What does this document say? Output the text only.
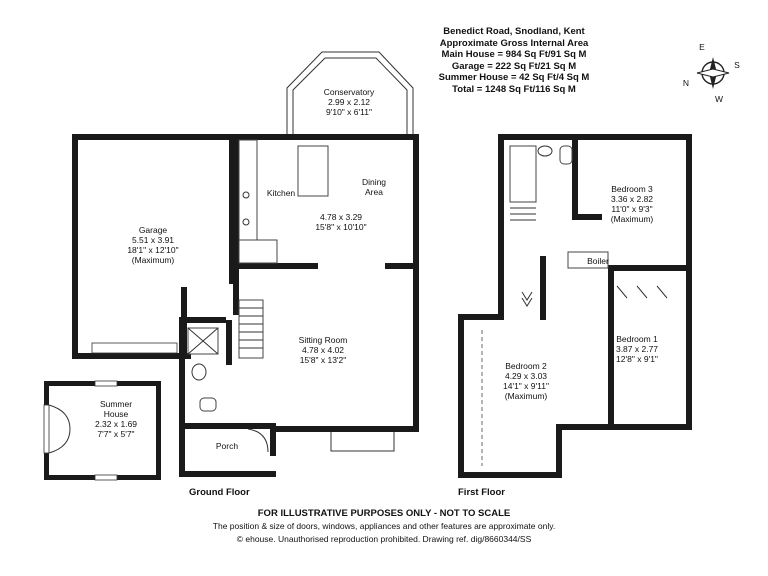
Benedict Road, Snodland, Kent
Approximate Gross Internal Area
Main House = 984 Sq Ft/91 Sq M
Garage = 222 Sq Ft/21 Sq M
Summer House = 42 Sq Ft/4 Sq M
Total = 1248 Sq Ft/116 Sq M
E
S
N
W
Conservatory
2.99 x 2.12
9'10" x 6'11"
Kitchen
Dining
Area
4.78 x 3.29
15'8" x 10'10"
Garage
5.51 x 3.91
18'1" x 12'10"
(Maximum)
Sitting Room
4.78 x 4.02
15'8" x 13'2"
Summer
House
2.32 x 1.69
7'7" x 5'7"
Porch
Bedroom 3
3.36 x 2.82
11'0" x 9'3"
(Maximum)
Boiler
Bedroom 1
3.87 x 2.77
12'8" x 9'1"
Bedroom 2
4.29 x 3.03
14'1" x 9'11"
(Maximum)
Ground Floor	First Floor
FOR ILLUSTRATIVE PURPOSES ONLY - NOT TO SCALE
The position & size of doors, windows, appliances and other features are approximate only.
© ehouse. Unauthorised reproduction prohibited. Drawing ref. dig/8660344/SS
